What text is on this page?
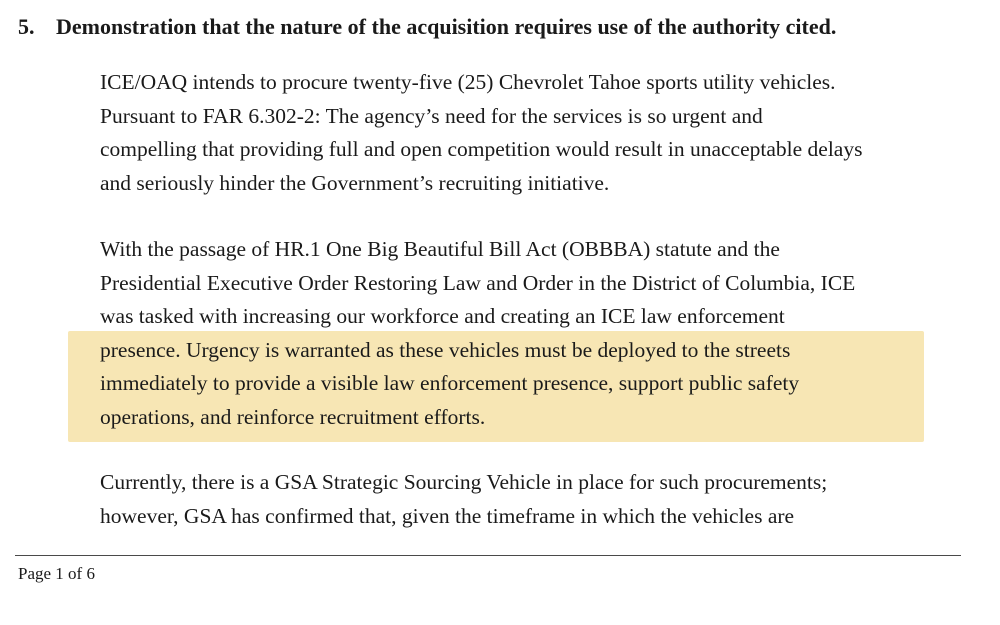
5. Demonstration that the nature of the acquisition requires use of the authority cited.
ICE/OAQ intends to procure twenty-five (25) Chevrolet Tahoe sports utility vehicles.
Pursuant to FAR 6.302-2: The agency’s need for the services is so urgent and
compelling that providing full and open competition would result in unacceptable delays
and seriously hinder the Government’s recruiting initiative.
With the passage of HR.1 One Big Beautiful Bill Act (OBBBA) statute and the
Presidential Executive Order Restoring Law and Order in the District of Columbia, ICE
was tasked with increasing our workforce and creating an ICE law enforcement
presence. Urgency is warranted as these vehicles must be deployed to the streets
immediately to provide a visible law enforcement presence, support public safety
operations, and reinforce recruitment efforts.
Currently, there is a GSA Strategic Sourcing Vehicle in place for such procurements;
however, GSA has confirmed that, given the timeframe in which the vehicles are
Page 1 of 6
